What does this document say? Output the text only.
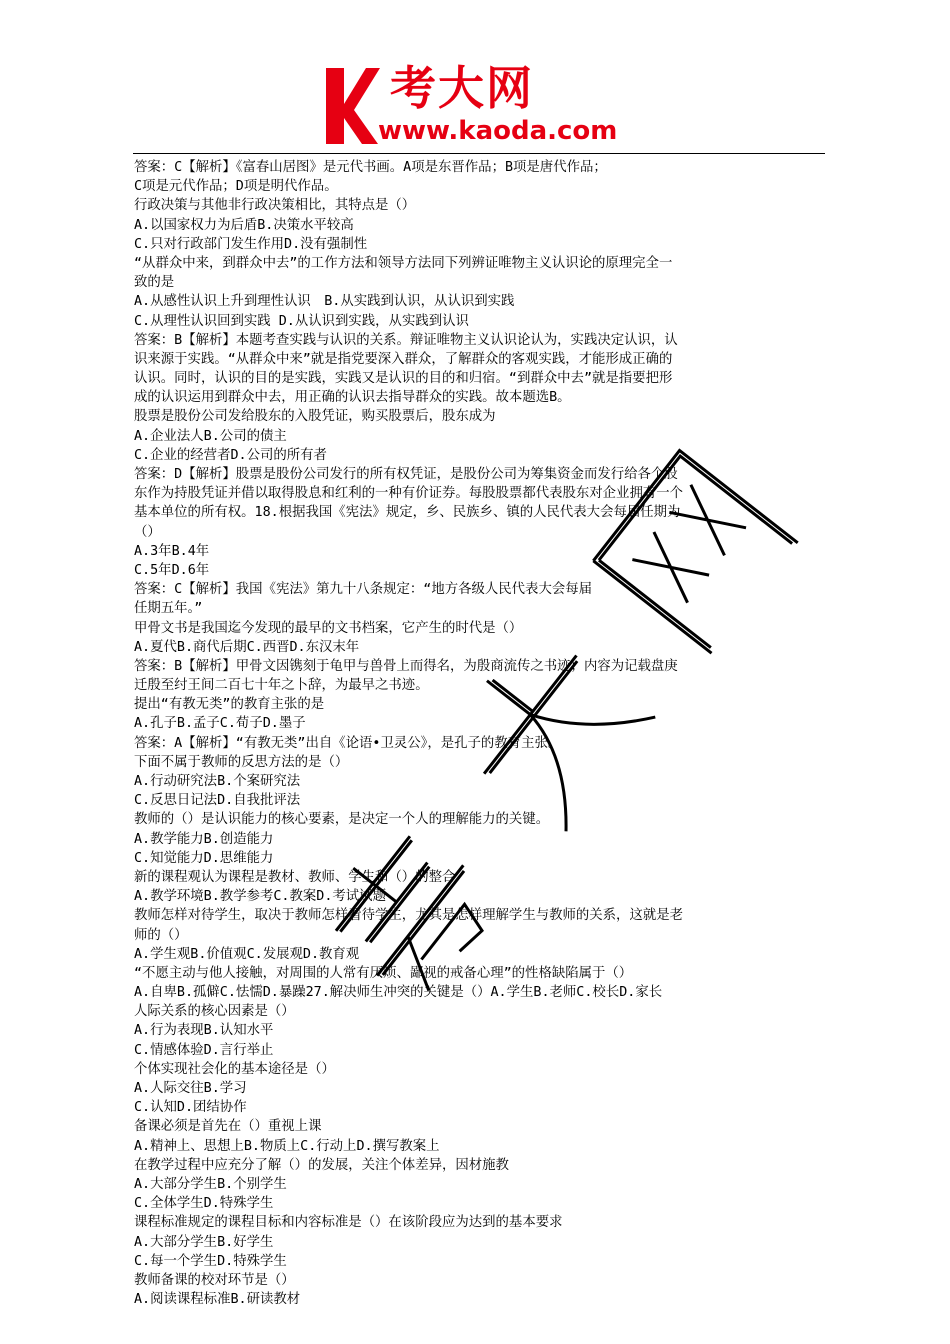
考大网
www.kaoda.com
答案：C【解析】《富春山居图》是元代书画。A项是东晋作品；B项是唐代作品；
C项是元代作品；D项是明代作品。
行政决策与其他非行政决策相比，其特点是（）
A.以国家权力为后盾B.决策水平较高
C.只对行政部门发生作用D.没有强制性
“从群众中来，到群众中去”的工作方法和领导方法同下列辨证唯物主义认识论的原理完全一
致的是
A.从感性认识上升到理性认识　B.从实践到认识，从认识到实践
C.从理性认识回到实践 D.从认识到实践，从实践到认识
答案：B【解析】本题考查实践与认识的关系。辩证唯物主义认识论认为，实践决定认识，认
识来源于实践。“从群众中来”就是指党要深入群众，了解群众的客观实践，才能形成正确的
认识。同时，认识的目的是实践，实践又是认识的目的和归宿。“到群众中去”就是指要把形
成的认识运用到群众中去，用正确的认识去指导群众的实践。故本题选B。
股票是股份公司发给股东的入股凭证，购买股票后，股东成为
A.企业法人B.公司的债主
C.企业的经营者D.公司的所有者
答案：D【解析】股票是股份公司发行的所有权凭证，是股份公司为筹集资金而发行给各个股
东作为持股凭证并借以取得股息和红利的一种有价证券。每股股票都代表股东对企业拥有一个
基本单位的所有权。18.根据我国《宪法》规定，乡、民族乡、镇的人民代表大会每届任期为
（）
A.3年B.4年
C.5年D.6年
答案：C【解析】我国《宪法》第九十八条规定：“地方各级人民代表大会每届
任期五年。”
甲骨文书是我国迄今发现的最早的文书档案，它产生的时代是（）
A.夏代B.商代后期C.西晋D.东汉末年
答案：B【解析】甲骨文因镌刻于龟甲与兽骨上而得名，为殷商流传之书迹；内容为记载盘庚
迁殷至纣王间二百七十年之卜辞，为最早之书迹。
提出“有教无类”的教育主张的是
A.孔子B.孟子C.荀子D.墨子
答案：A【解析】“有教无类”出自《论语•卫灵公》，是孔子的教育主张。
下面不属于教师的反思方法的是（）
A.行动研究法B.个案研究法
C.反思日记法D.自我批评法
教师的（）是认识能力的核心要素，是决定一个人的理解能力的关键。
A.教学能力B.创造能力
C.知觉能力D.思维能力
新的课程观认为课程是教材、教师、学生和（）的整合
A.教学环境B.教学参考C.教案D.考试试题
教师怎样对待学生，取决于教师怎样看待学生，尤其是怎样理解学生与教师的关系，这就是老
师的（）
A.学生观B.价值观C.发展观D.教育观
“不愿主动与他人接触，对周围的人常有厌烦、鄙视的戒备心理”的性格缺陷属于（）
A.自卑B.孤僻C.怯懦D.暴躁27.解决师生冲突的关键是（）A.学生B.老师C.校长D.家长
人际关系的核心因素是（）
A.行为表现B.认知水平
C.情感体验D.言行举止
个体实现社会化的基本途径是（）
A.人际交往B.学习
C.认知D.团结协作
备课必须是首先在（）重视上课
A.精神上、思想上B.物质上C.行动上D.撰写教案上
在教学过程中应充分了解（）的发展，关注个体差异，因材施教
A.大部分学生B.个别学生
C.全体学生D.特殊学生
课程标准规定的课程目标和内容标准是（）在该阶段应为达到的基本要求
A.大部分学生B.好学生
C.每一个学生D.特殊学生
教师备课的校对环节是（）
A.阅读课程标准B.研读教材
